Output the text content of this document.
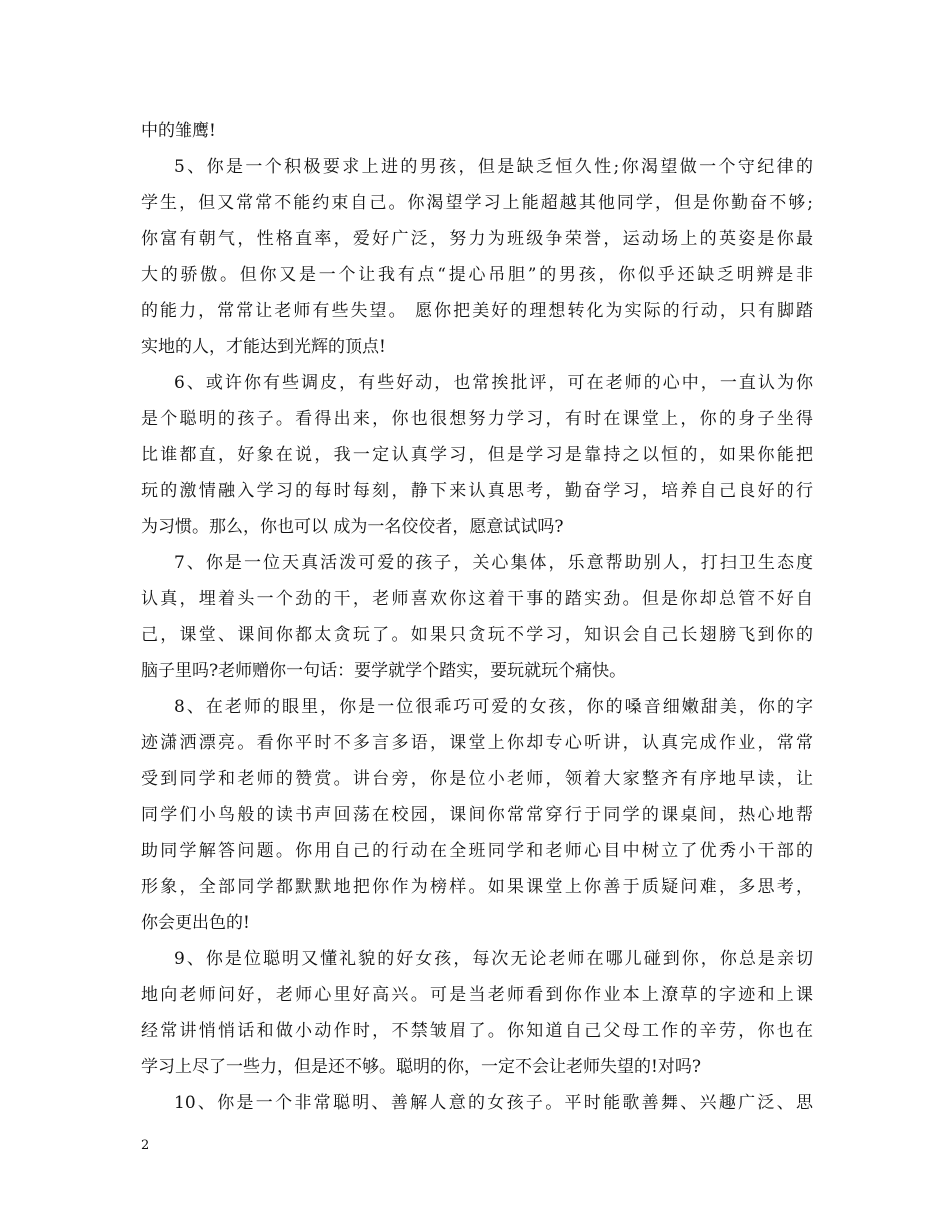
中的雏鹰!
5、你是一个积极要求上进的男孩，但是缺乏恒久性;你渴望做一个守纪律的
学生，但又常常不能约束自己。你渴望学习上能超越其他同学，但是你勤奋不够;
你富有朝气，性格直率，爱好广泛，努力为班级争荣誉，运动场上的英姿是你最
大的骄傲。但你又是一个让我有点“提心吊胆”的男孩，你似乎还缺乏明辨是非
的能力，常常让老师有些失望。 愿你把美好的理想转化为实际的行动，只有脚踏
实地的人，才能达到光辉的顶点!
6、或许你有些调皮，有些好动，也常挨批评，可在老师的心中，一直认为你
是个聪明的孩子。看得出来，你也很想努力学习，有时在课堂上，你的身子坐得
比谁都直，好象在说，我一定认真学习，但是学习是靠持之以恒的，如果你能把
玩的激情融入学习的每时每刻，静下来认真思考，勤奋学习，培养自己良好的行
为习惯。那么，你也可以 成为一名佼佼者，愿意试试吗?
7、你是一位天真活泼可爱的孩子，关心集体，乐意帮助别人，打扫卫生态度
认真，埋着头一个劲的干，老师喜欢你这着干事的踏实劲。但是你却总管不好自
己，课堂、课间你都太贪玩了。如果只贪玩不学习，知识会自己长翅膀飞到你的
脑子里吗?老师赠你一句话：要学就学个踏实，要玩就玩个痛快。
8、在老师的眼里，你是一位很乖巧可爱的女孩，你的嗓音细嫩甜美，你的字
迹潇洒漂亮。看你平时不多言多语，课堂上你却专心听讲，认真完成作业，常常
受到同学和老师的赞赏。讲台旁，你是位小老师，领着大家整齐有序地早读，让
同学们小鸟般的读书声回荡在校园，课间你常常穿行于同学的课桌间，热心地帮
助同学解答问题。你用自己的行动在全班同学和老师心目中树立了优秀小干部的
形象，全部同学都默默地把你作为榜样。如果课堂上你善于质疑问难，多思考，
你会更出色的!
9、你是位聪明又懂礼貌的好女孩，每次无论老师在哪儿碰到你，你总是亲切
地向老师问好，老师心里好高兴。可是当老师看到你作业本上潦草的字迹和上课
经常讲悄悄话和做小动作时，不禁皱眉了。你知道自己父母工作的辛劳，你也在
学习上尽了一些力，但是还不够。聪明的你，一定不会让老师失望的!对吗?
10、你是一个非常聪明、善解人意的女孩子。平时能歌善舞、兴趣广泛、思
2
